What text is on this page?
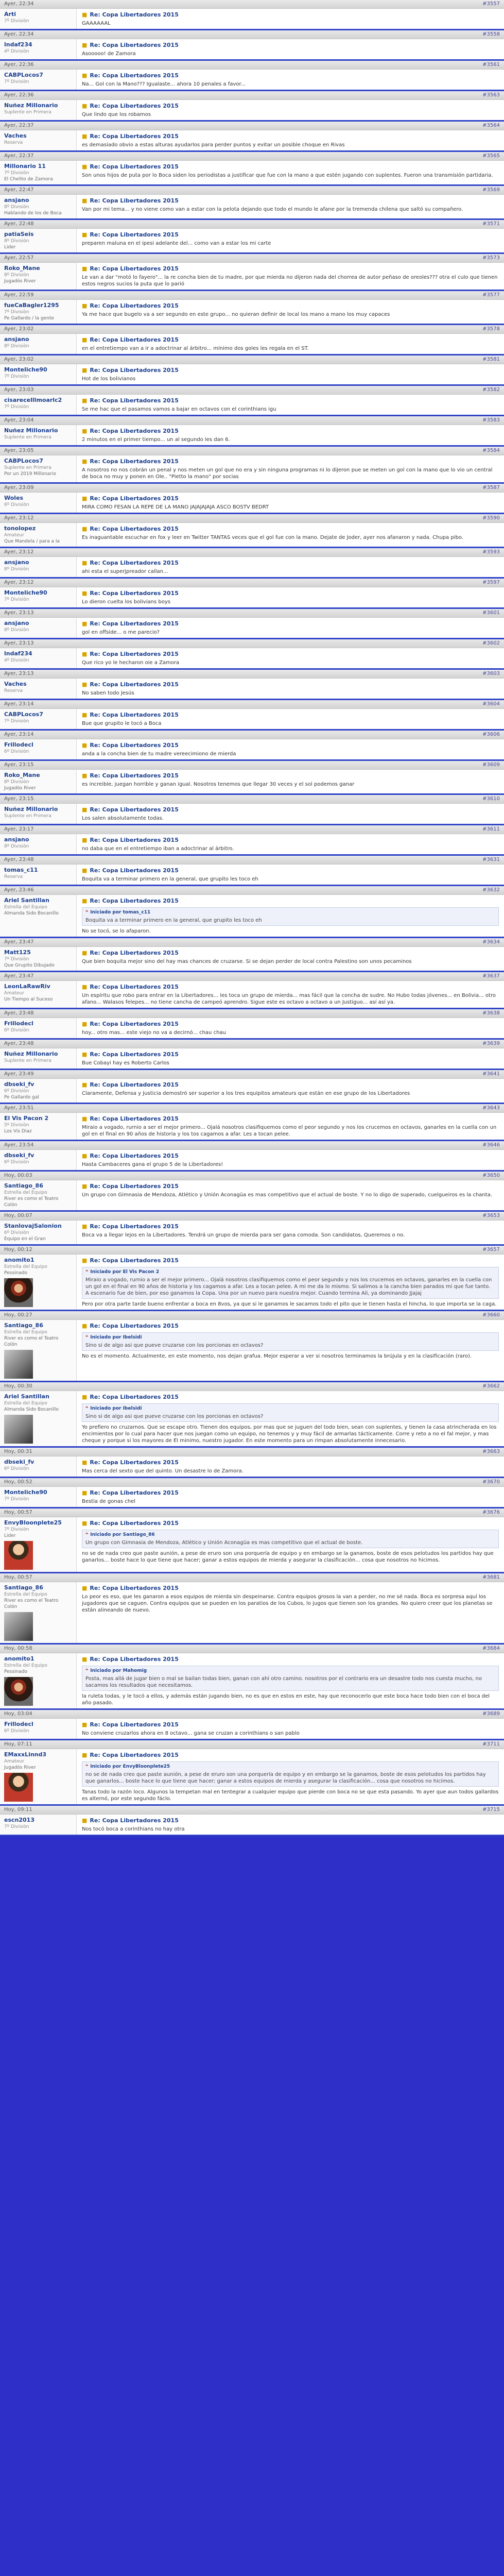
Ayer, 22:34	#3557
Arti
7º Divisiòn
■ Re: Copa Libertadores 2015
GAAAAAAL
Ayer, 22:34	#3558
lndaf234
4º Divisiòn
■ Re: Copa Libertadores 2015
Asooooo! de Zamora
Ayer, 22:36	#3561
CABPLocos7
7º Divisiòn
■ Re: Copa Libertadores 2015
Na... Gol con la Mano??? Igualaste... ahora 10 penales a favor...
Ayer, 22:36	#3563
Nuñez Millonario
Suplente en Primera
■ Re: Copa Libertadores 2015
Que lindo que los robamos
Ayer, 22:37	#3564
Vaches
Reserva
■ Re: Copa Libertadores 2015
es demasiado obvio a estas alturas ayudarlos para perder puntos y evitar un posible choque en Rivas
Ayer, 22:37	#3565
Millonario 11
7º Divisiòn
El Chelito de Zamora
■ Re: Copa Libertadores 2015
Son unos hijos de puta por lo Boca siden los periodistas a justificar que fue con la mano a que estén jugando con suplentes. Fueron una transmisión partidaria.
Ayer, 22:47	#3569
ansjano
8º Divisiòn
Hablando de los de Boca
■ Re: Copa Libertadores 2015
Van por mi tema... y no viene como van a estar con la pelota dejando que todo el mundo le afane por la tremenda chilena que saltó su compañero.
Ayer, 22:48	#3571
patiaSeis
8º Divisiòn
Lider
■ Re: Copa Libertadores 2015
preparen maluna en el ipesi adelante del... como van a estar los mi carte
Ayer, 22:57	#3573
Roko_Mane
8º Divisiòn
Jugadós River
■ Re: Copa Libertadores 2015
Le van a dar "motó lo fayero"... la re concha bien de tu madre, por que mierda no dijeron nada del chorrea de autor peñaso de oreoles??? otra el culo que tienen estos negros sucios la puta que lo parió
Ayer, 22:59	#3577
fueCaBagler1295
7º Divisiòn
Pe Gallardo / la gente
■ Re: Copa Libertadores 2015
Ya me hace que bugelo va a ser segundo en este grupo... no quieran definir de local los mano a mano los muy capaces
Ayer, 23:02	#3578
ansjano
8º Divisiòn
■ Re: Copa Libertadores 2015
en el entretiempo van a ir a adoctrinar al árbitro... mínimo dos goles les regala en el ST.
Ayer, 23:02	#3581
Monteliche90
7º Divisiòn
■ Re: Copa Libertadores 2015
Hot de los bolivianos
Ayer, 23:03	#3582
cisarecelllmoarlc2
7º Divisiòn
■ Re: Copa Libertadores 2015
Se me hac que el pasamos vamos a bajar en octavos con el corinthians igu
Ayer, 23:04	#3583
Nuñez Millonario
Suplente en Primera
■ Re: Copa Libertadores 2015
2 minutos en el primer tiempo... un al segundo les dan 6.
Ayer, 23:05	#3584
CABPLocos7
Suplente en Primera
Por un 2019 Millonario
■ Re: Copa Libertadores 2015
A nosotros no nos cobrán un penal y nos meten un gol que no era y sin ninguna programas ni lo dijeron pue se meten un gol con la mano que lo vio un central de boca no muy y ponen en Ole.. "Pietto la mano" por socias
Ayer, 23:09	#3587
Woles
6º Divisiòn
■ Re: Copa Libertadores 2015
MIRA COMO FESAN LA REPE DE LA MANO JAJAJAJAJA ASCO BOSTV BEDRT
Ayer, 23:12	#3590
tonolopez
Amateur
Que Mandela / para a la
■ Re: Copa Libertadores 2015
Es inaguantable escuchar en fox y leer en Twitter TANTAS veces que el gol fue con la mano. Dejate de Joder, ayer nos afanaron y nada. Chupa pibo.
Ayer, 23:12	#3593
ansjano
8º Divisiòn
■ Re: Copa Libertadores 2015
ahi esta el superjpreador callan...
Ayer, 23:12	#3597
Monteliche90
7º Divisiòn
■ Re: Copa Libertadores 2015
Lo dieron cuelta los bolivians boys
Ayer, 23:13	#3601
ansjano
8º Divisiòn
■ Re: Copa Libertadores 2015
gol en offside... o me parecio?
Ayer, 23:13	#3602
lndaf234
4º Divisiòn
■ Re: Copa Libertadores 2015
Que rico yo le hecharon oie a Zamora
Ayer, 23:13	#3603
Vaches
Reserva
■ Re: Copa Libertadores 2015
No saben todo Jesús
Ayer, 23:14	#3604
CABPLocos7
7º Divisiòn
■ Re: Copa Libertadores 2015
Bue que grupito le tocó a Boca
Ayer, 23:14	#3606
Frillodecl
6º Divisiòn
■ Re: Copa Libertadores 2015
anda a la concha bien de tu madre vereecimiono de mierda
Ayer, 23:15	#3609
Roko_Mane
8º Divisiòn
Jugadós River
■ Re: Copa Libertadores 2015
es increible, juegan horrible y ganan igual. Nosotros tenemos que llegar 30 veces y el sol podemos ganar
Ayer, 23:15	#3610
Nuñez Millonario
Suplente en Primera
■ Re: Copa Libertadores 2015
Los salen absolutamente todas.
Ayer, 23:17	#3611
ansjano
8º Divisiòn
■ Re: Copa Libertadores 2015
no daba que en el entretiempo iban a adoctrinar al árbitro.
Ayer, 23:48	#3631
tomas_c11
Reserva
■ Re: Copa Libertadores 2015
Boquita va a terminar primero en la general, que grupito les toco eh
Ayer, 23:46	#3632
Ariel Santillan
Estrella del Equipo
Almanda Sido Bocanillo
■ Re: Copa Libertadores 2015
❝ Iniciado por tomas_c11
Boquita va a terminar primero en la general, que grupito les toco eh
No se tocó, se lo afaparon.
Ayer, 23:47	#3634
Matt125
7º Divisiòn
Que Grupito Dibujado
■ Re: Copa Libertadores 2015
Que bien boquita mejor sino del hay mas chances de cruzarse. Si se dejan perder de local contra Palestino son unos pecaminos
Ayer, 23:47	#3637
LeonLaRawRiv
Amateur
Un Tiempo al Suceso
■ Re: Copa Libertadores 2015
Un espíritu que robo para entrar en la Libertadores... les toca un grupo de mierda... mas fácil que la concha de sudre. No Hubo todas jóvenes... en Bolivia... otro afano... Walasos felepes... no tiene cancha de campeó aprendro. Sigue este es octavo a octavo a un Justiguo... así así ya.
Ayer, 23:48	#3638
Frillodecl
6º Divisiòn
■ Re: Copa Libertadores 2015
hoy... otro mas... este viejo no va a decirnó... chau chau
Ayer, 23:48	#3639
Nuñez Millonario
Suplente en Primera
■ Re: Copa Libertadores 2015
Bue Cobayi hay es Roberto Carlos
Ayer, 23:49	#3641
dbseki_fv
6º Divisiòn
Pe Gallardo gal
■ Re: Copa Libertadores 2015
Claramente, Defensa y Justicia demostró ser superior a los tres equipitos amateurs que están en ese grupo de los Libertadores
Ayer, 23:51	#3643
El Vis Pacon 2
5º Divisiòn
Los Vis Diaz
■ Re: Copa Libertadores 2015
Miraio a vogado, rurnio a ser el mejor primero... Ojalá nosotros clasifiquemos como el peor segundo y nos los crucemos en octavos, ganarles en la cuella con un gol en el final en 90 años de historia y los tos cagamos a afar. Les a tocan pelee.
Ayer, 23:54	#3646
dbseki_fv
6º Divisiòn
■ Re: Copa Libertadores 2015
Hasta Cambaceres gana el grupo 5 de la Libertadores!
Hoy, 00:03	#3650
Santiago_86
Estrella del Equipo
River es como el Teatro Colón
■ Re: Copa Libertadores 2015
Un grupo con Gimnasia de Mendoza, Atlético y Unión Aconagüa es mas competitivo que el actual de boste. Y no lo digo de superado, cuelgueiros es la chanta.
Hoy, 00:07	#3653
StanlovajSalonion
6º Divisiòn
Equipo en el Gran
■ Re: Copa Libertadores 2015
Boca va a llegar lejos en la Libertadores. Tendrá un grupo de mierda para ser gana comoda. Son candidatos, Queremos o no.
Hoy, 00:12	#3657
anomito1
Estrella del Equipo
Pessinado
■ Re: Copa Libertadores 2015
❝ Iniciado por El Vis Pacon 2
Miraio a vogado, rurnio a ser el mejor primero... Ojalá nosotros clasifiquemos como el peor segundo y nos los crucemos en octavos, ganarles en la cuella con un gol en el final en 90 años de historia y los cagamos a afar. Les a tocan pelee. A mi me da lo mismo. Si salimos a la cancha bien parados mi que fue tanto. A escenario fue de bien, por eso ganamos la Copa. Una por un nuevo para nuestra mejor. Cuando termina Ali, ya dominando Jjajaj
Pero por otra parte tarde bueno enfrentar a boca en 8vos, ya que si le ganamos le sacamos todo el pito que le tienen hasta el hincha, lo que importa se la caga.
Hoy, 00:27	#3660
Santiago_86
Estrella del Equipo
River es como el Teatro Colón
■ Re: Copa Libertadores 2015
❝ Iniciado por Ibelsidi
Sino si de algo asi que pueve cruzarse con los porcionas en octavos?
No es el momento. Actualmente, en este momento, nos dejan grafua. Mejor esperar a ver si nosotros terminamos la brújula y en la clasificación (raro).
Hoy, 00:30	#3662
Ariel Santillan
Estrella del Equipo
Almanda Sido Bocanillo
■ Re: Copa Libertadores 2015
❝ Iniciado por Ibelsidi
Sino si de algo asi que pueve cruzarse con los porcionas en octavos?
Yo prefiero no cruzarnos. Que se escape otro. Tienen dos equipos, por mas que se juguen del todo bien, sean con suplentes, y tienen la casa atrincherada en los encimientos por lo cual para hacer que nos juegan como un equipo, no tenemos y y muy fácil de armarlas tácticamente. Corre y reto a no el fal mejor, y mas cheque y porque si los mayores de El minimo, nuestro jugador. En este momento para un rimpan absolutamente innecesario.
Hoy, 00:31	#3663
dbseki_fv
6º Divisiòn
■ Re: Copa Libertadores 2015
Mas cerca del sexto que del quinto. Un desastre lo de Zamora.
Hoy, 00:52	#3670
Monteliche90
7º Divisiòn
■ Re: Copa Libertadores 2015
Bestia de gonas chel
Hoy, 00:57	#3676
EnvyBloonplete25
7º Divisiòn
Lider
■ Re: Copa Libertadores 2015
❝ Iniciado por Santiago_86
Un grupo con Gimnasia de Mendoza, Atlético y Unión Aconagüa es mas competitivo que el actual de boste.
no se de nada creo que paste aunión, a pese de eruro son una porquería de equipo y en embargo se la ganamos, boste de esos pelotudos los partidos hay que ganarlos... boste hace lo que tiene que hacer; ganar a estos equipos de mierda y asegurar la clasificación... cosa que nosotros no hicimos.
Hoy, 00:57	#3681
Santiago_86
Estrella del Equipo
River es como el Teatro Colón
■ Re: Copa Libertadores 2015
Lo peor es eso, que les ganaron a esos equipos de mierda sin despeinarse. Contra equipos grosos la van a perder, no me sé nada. Boca es sorpresa aquí los jugadores que se caguen. Contra equipos que se pueden en los paratios de los Cubos, lo jugos que tienen son los grandes. No quiero creer que los planetas se están alineando de nuevo.
Hoy, 00:58	#3684
anomito1
Estrella del Equipo
Pessinado
■ Re: Copa Libertadores 2015
❝ Iniciado por Mahomig
Posta, mas allá de jugar bien o mal se bailan todas bien, ganan con ahí otro camino. nosotros por el contrario era un desastre todo nos cuesta mucho, no sacamos los resultados que necesitamos.
la ruleta todas, y le tocó a ellos, y además están jugando bien, no es que en estos en este, hay que reconocerlo que este boca hace todo bien con el boca del año pasado.
Hoy, 03:04	#3689
Frillodecl
6º Divisiòn
■ Re: Copa Libertadores 2015
No conviene cruzarlos ahora en 8 octavo... gana se cruzan a corinthians o san pablo
Hoy, 07:11	#3711
EMaxxLinnd3
Amateur
Jugadós River
■ Re: Copa Libertadores 2015
❝ Iniciado por EnvyBloonplete25
no se de nada creo que paste aunión, a pese de eruro son una porquería de equipo y en embargo se la ganamos, boste de esos pelotudos los partidos hay que ganarlos... boste hace lo que tiene que hacer; ganar a estos equipos de mierda y asegurar la clasificación... cosa que nosotros no hicimos.
Tanas todo la razón loco. Algunos la tempetan mal en tentegrar a cualquier equipo que pierde con boca no se que esta pasando. Yo ayer que aun todos gallardos es alternó, por este segundo fáclo.
Hoy, 09:11	#3715
escn2013
7º Divisiòn
■ Re: Copa Libertadores 2015
Nos tocó boca a corinthians no hay otra
